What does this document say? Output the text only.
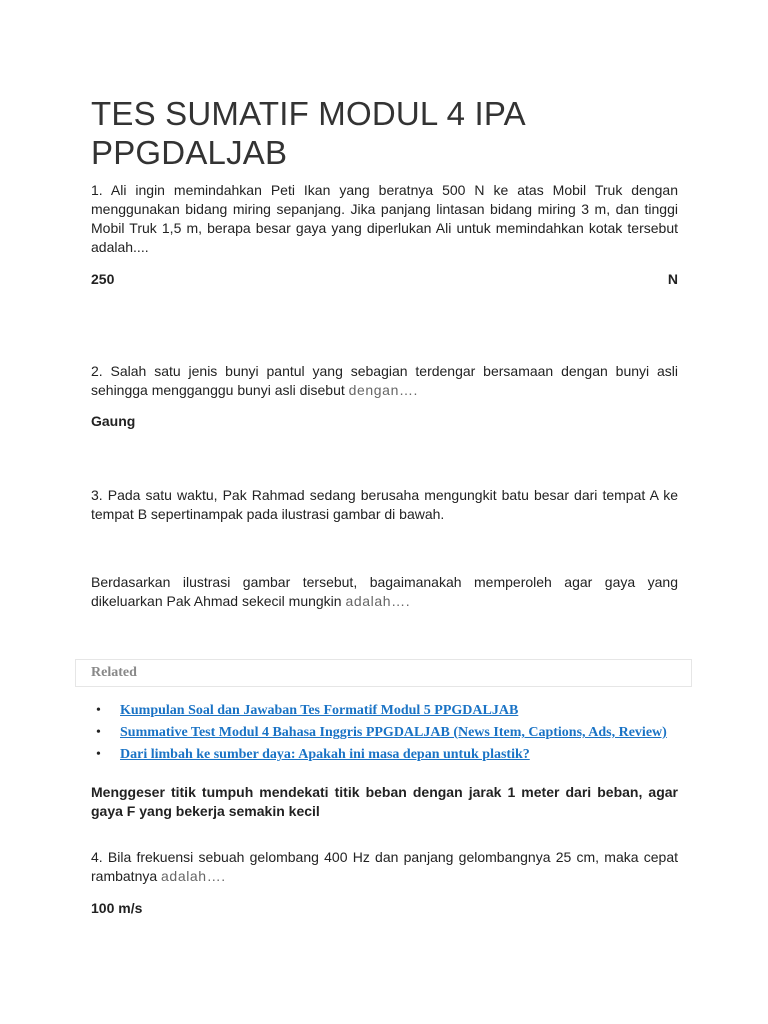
TES SUMATIF MODUL 4 IPA PPGDALJAB

1. Ali ingin memindahkan Peti Ikan yang beratnya 500 N ke atas Mobil Truk dengan menggunakan bidang miring sepanjang. Jika panjang lintasan bidang miring 3 m, dan tinggi Mobil Truk 1,5 m, berapa besar gaya yang diperlukan Ali untuk memindahkan kotak tersebut adalah....

250	N

2. Salah satu jenis bunyi pantul yang sebagian terdengar bersamaan dengan bunyi asli sehingga mengganggu bunyi asli disebut dengan….

Gaung

3. Pada satu waktu, Pak Rahmad sedang berusaha mengungkit batu besar dari tempat A ke tempat B sepertinampak pada ilustrasi gambar di bawah.

Berdasarkan ilustrasi gambar tersebut, bagaimanakah memperoleh agar gaya yang dikeluarkan Pak Ahmad sekecil mungkin adalah….

Related
• Kumpulan Soal dan Jawaban Tes Formatif Modul 5 PPGDALJAB
• Summative Test Modul 4 Bahasa Inggris PPGDALJAB (News Item, Captions, Ads, Review)
• Dari limbah ke sumber daya: Apakah ini masa depan untuk plastik?

Menggeser titik tumpuh mendekati titik beban dengan jarak 1 meter dari beban, agar gaya F yang bekerja semakin kecil

4. Bila frekuensi sebuah gelombang 400 Hz dan panjang gelombangnya 25 cm, maka cepat rambatnya adalah….

100 m/s
